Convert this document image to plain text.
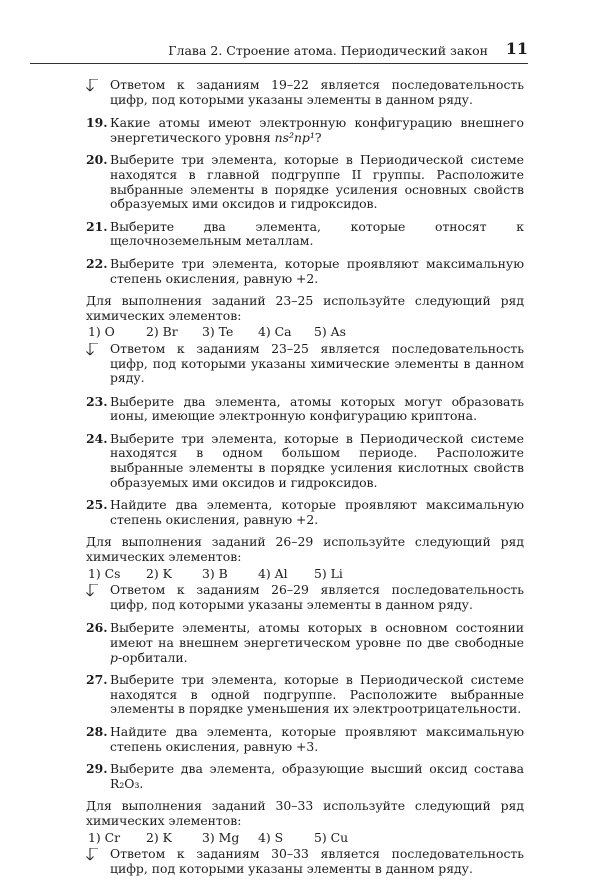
Глава 2. Строение атома. Периодический закон 11

Ответом к заданиям 19–22 является последовательность цифр, под которыми указаны элементы в данном ряду.

19. Какие атомы имеют электронную конфигурацию внешнего энергетического уровня ns²np¹?

20. Выберите три элемента, которые в Периодической системе находятся в главной подгруппе II группы. Расположите выбранные элементы в порядке усиления основных свойств образуемых ими оксидов и гидроксидов.

21. Выберите два элемента, которые относят к щелочноземельным металлам.

22. Выберите три элемента, которые проявляют максимальную степень окисления, равную +2.

Для выполнения заданий 23–25 используйте следующий ряд химических элементов:

1) O	2) Br	3) Te	4) Ca	5) As

Ответом к заданиям 23–25 является последовательность цифр, под которыми указаны химические элементы в данном ряду.

23. Выберите два элемента, атомы которых могут образовать ионы, имеющие электронную конфигурацию криптона.

24. Выберите три элемента, которые в Периодической системе находятся в одном большом периоде. Расположите выбранные элементы в порядке усиления кислотных свойств образуемых ими оксидов и гидроксидов.

25. Найдите два элемента, которые проявляют максимальную степень окисления, равную +2.

Для выполнения заданий 26–29 используйте следующий ряд химических элементов:

1) Cs	2) K	3) B	4) Al	5) Li

Ответом к заданиям 26–29 является последовательность цифр, под которыми указаны элементы в данном ряду.

26. Выберите элементы, атомы которых в основном состоянии имеют на внешнем энергетическом уровне по две свободные p-орбитали.

27. Выберите три элемента, которые в Периодической системе находятся в одной подгруппе. Расположите выбранные элементы в порядке уменьшения их электроотрицательности.

28. Найдите два элемента, которые проявляют максимальную степень окисления, равную +3.

29. Выберите два элемента, образующие высший оксид состава R₂O₃.

Для выполнения заданий 30–33 используйте следующий ряд химических элементов:

1) Cr	2) K	3) Mg	4) S	5) Cu

Ответом к заданиям 30–33 является последовательность цифр, под которыми указаны элементы в данном ряду.
